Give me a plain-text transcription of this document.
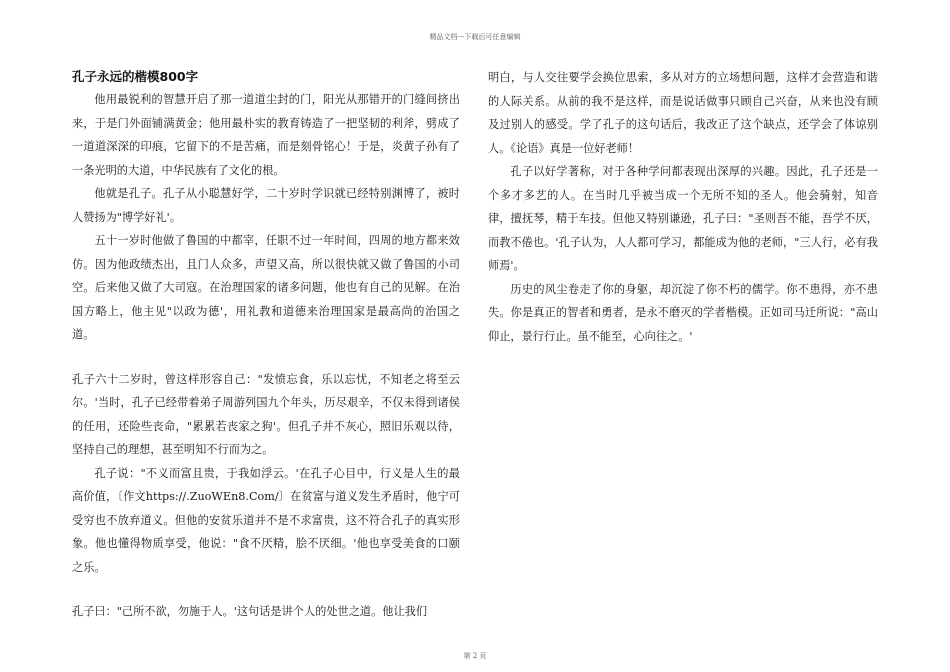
精品文档---下载后可任意编辑
孔子永远的楷模800字

他用最锐利的智慧开启了那一道道尘封的门，阳光从那错开的门缝间挤出来，于是门外面铺满黄金；他用最朴实的教育铸造了一把坚韧的利斧，劈成了一道道深深的印痕，它留下的不是苦痛，而是刻骨铭心！于是，炎黄子孙有了一条光明的大道，中华民族有了文化的根。

他就是孔子。孔子从小聪慧好学，二十岁时学识就已经特别渊博了，被时人赞扬为"博学好礼'。

五十一岁时他做了鲁国的中都宰，任职不过一年时间，四周的地方都来效仿。因为他政绩杰出，且门人众多，声望又高，所以很快就又做了鲁国的小司空。后来他又做了大司寇。在治理国家的诸多问题，他也有自己的见解。在治国方略上，他主见"以政为德'，用礼教和道德来治理国家是最高尚的治国之道。

孔子六十二岁时，曾这样形容自己："发愤忘食，乐以忘忧，不知老之将至云尔。'当时，孔子已经带着弟子周游列国九个年头，历尽艰辛，不仅未得到诸侯的任用，还险些丧命，"累累若丧家之狗'。但孔子并不灰心，照旧乐观以待，坚持自己的理想，甚至明知不行而为之。

孔子说："不义而富且贵，于我如浮云。'在孔子心目中，行义是人生的最高价值，〔作文https://.ZuoWEn8.Com/〕在贫富与道义发生矛盾时，他宁可受穷也不放弃道义。但他的安贫乐道并不是不求富贵，这不符合孔子的真实形象。他也懂得物质享受，他说："食不厌精，脍不厌细。'他也享受美食的口颐之乐。

孔子曰："己所不欲，勿施于人。'这句话是讲个人的处世之道。他让我们

明白，与人交往要学会换位思索，多从对方的立场想问题，这样才会营造和谐的人际关系。从前的我不是这样，而是说话做事只顾自己兴奋，从来也没有顾及过别人的感受。学了孔子的这句话后，我改正了这个缺点，还学会了体谅别人。《论语》真是一位好老师！

孔子以好学著称，对于各种学问都表现出深厚的兴趣。因此，孔子还是一个多才多艺的人。在当时几乎被当成一个无所不知的圣人。他会骑射，知音律，擅抚琴，精于车技。但他又特别谦逊，孔子曰："圣则吾不能，吾学不厌，而教不倦也。'孔子认为，人人都可学习，都能成为他的老师，"三人行，必有我师焉'。

历史的风尘卷走了你的身躯，却沉淀了你不朽的儒学。你不患得，亦不患失。你是真正的智者和勇者，是永不磨灭的学者楷模。正如司马迁所说："高山仰止，景行行止。虽不能至，心向往之。'

第 2 页
